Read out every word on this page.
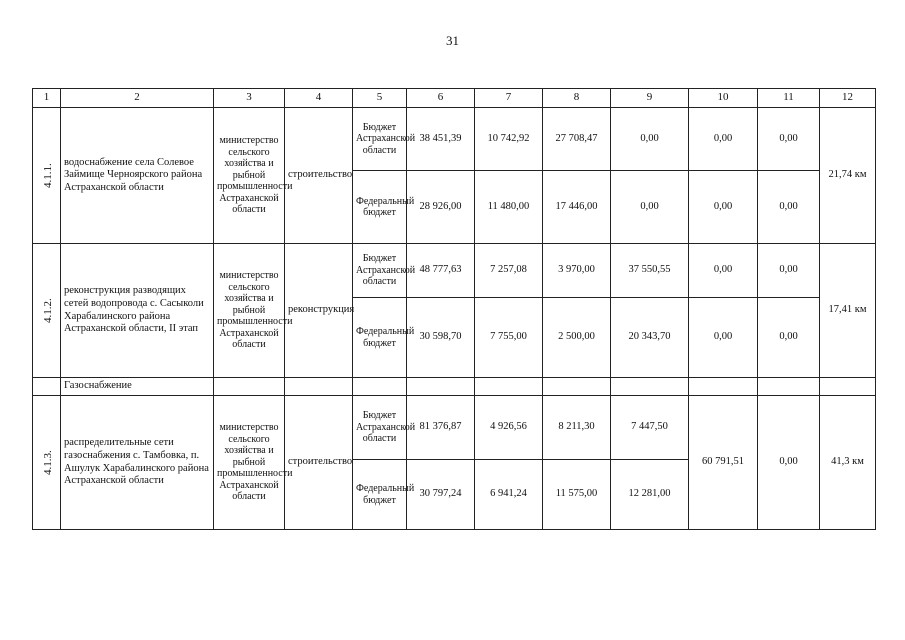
31
1	2	3	4	5	6	7	8	9	10	11	12
4.1.1.	водоснабжение села Солевое Займище Черноярского района Астраханской области	министерство сельского хозяйства и рыбной промышленности Астраханской области	строительство	Бюджет Астраханской области	38 451,39	10 742,92	27 708,47	0,00	0,00	0,00	21,74 км
				Федеральный бюджет	28 926,00	11 480,00	17 446,00	0,00	0,00	0,00	
4.1.2.	реконструкция разводящих сетей водопровода с. Сасыколи Харабалинского района Астраханской области, II этап	министерство сельского хозяйства и рыбной промышленности Астраханской области	реконструкция	Бюджет Астраханской области	48 777,63	7 257,08	3 970,00	37 550,55	0,00	0,00	17,41 км
				Федеральный бюджет	30 598,70	7 755,00	2 500,00	20 343,70	0,00	0,00	
	Газоснабжение										
4.1.3.	распределительные сети газоснабжения с. Тамбовка, п. Ашулук Харабалинского района Астраханской области	министерство сельского хозяйства и рыбной промышленности Астраханской области	строительство	Бюджет Астраханской области	81 376,87	4 926,56	8 211,30	7 447,50	60 791,51	0,00	41,3 км
				Федеральный бюджет	30 797,24	6 941,24	11 575,00	12 281,00			
